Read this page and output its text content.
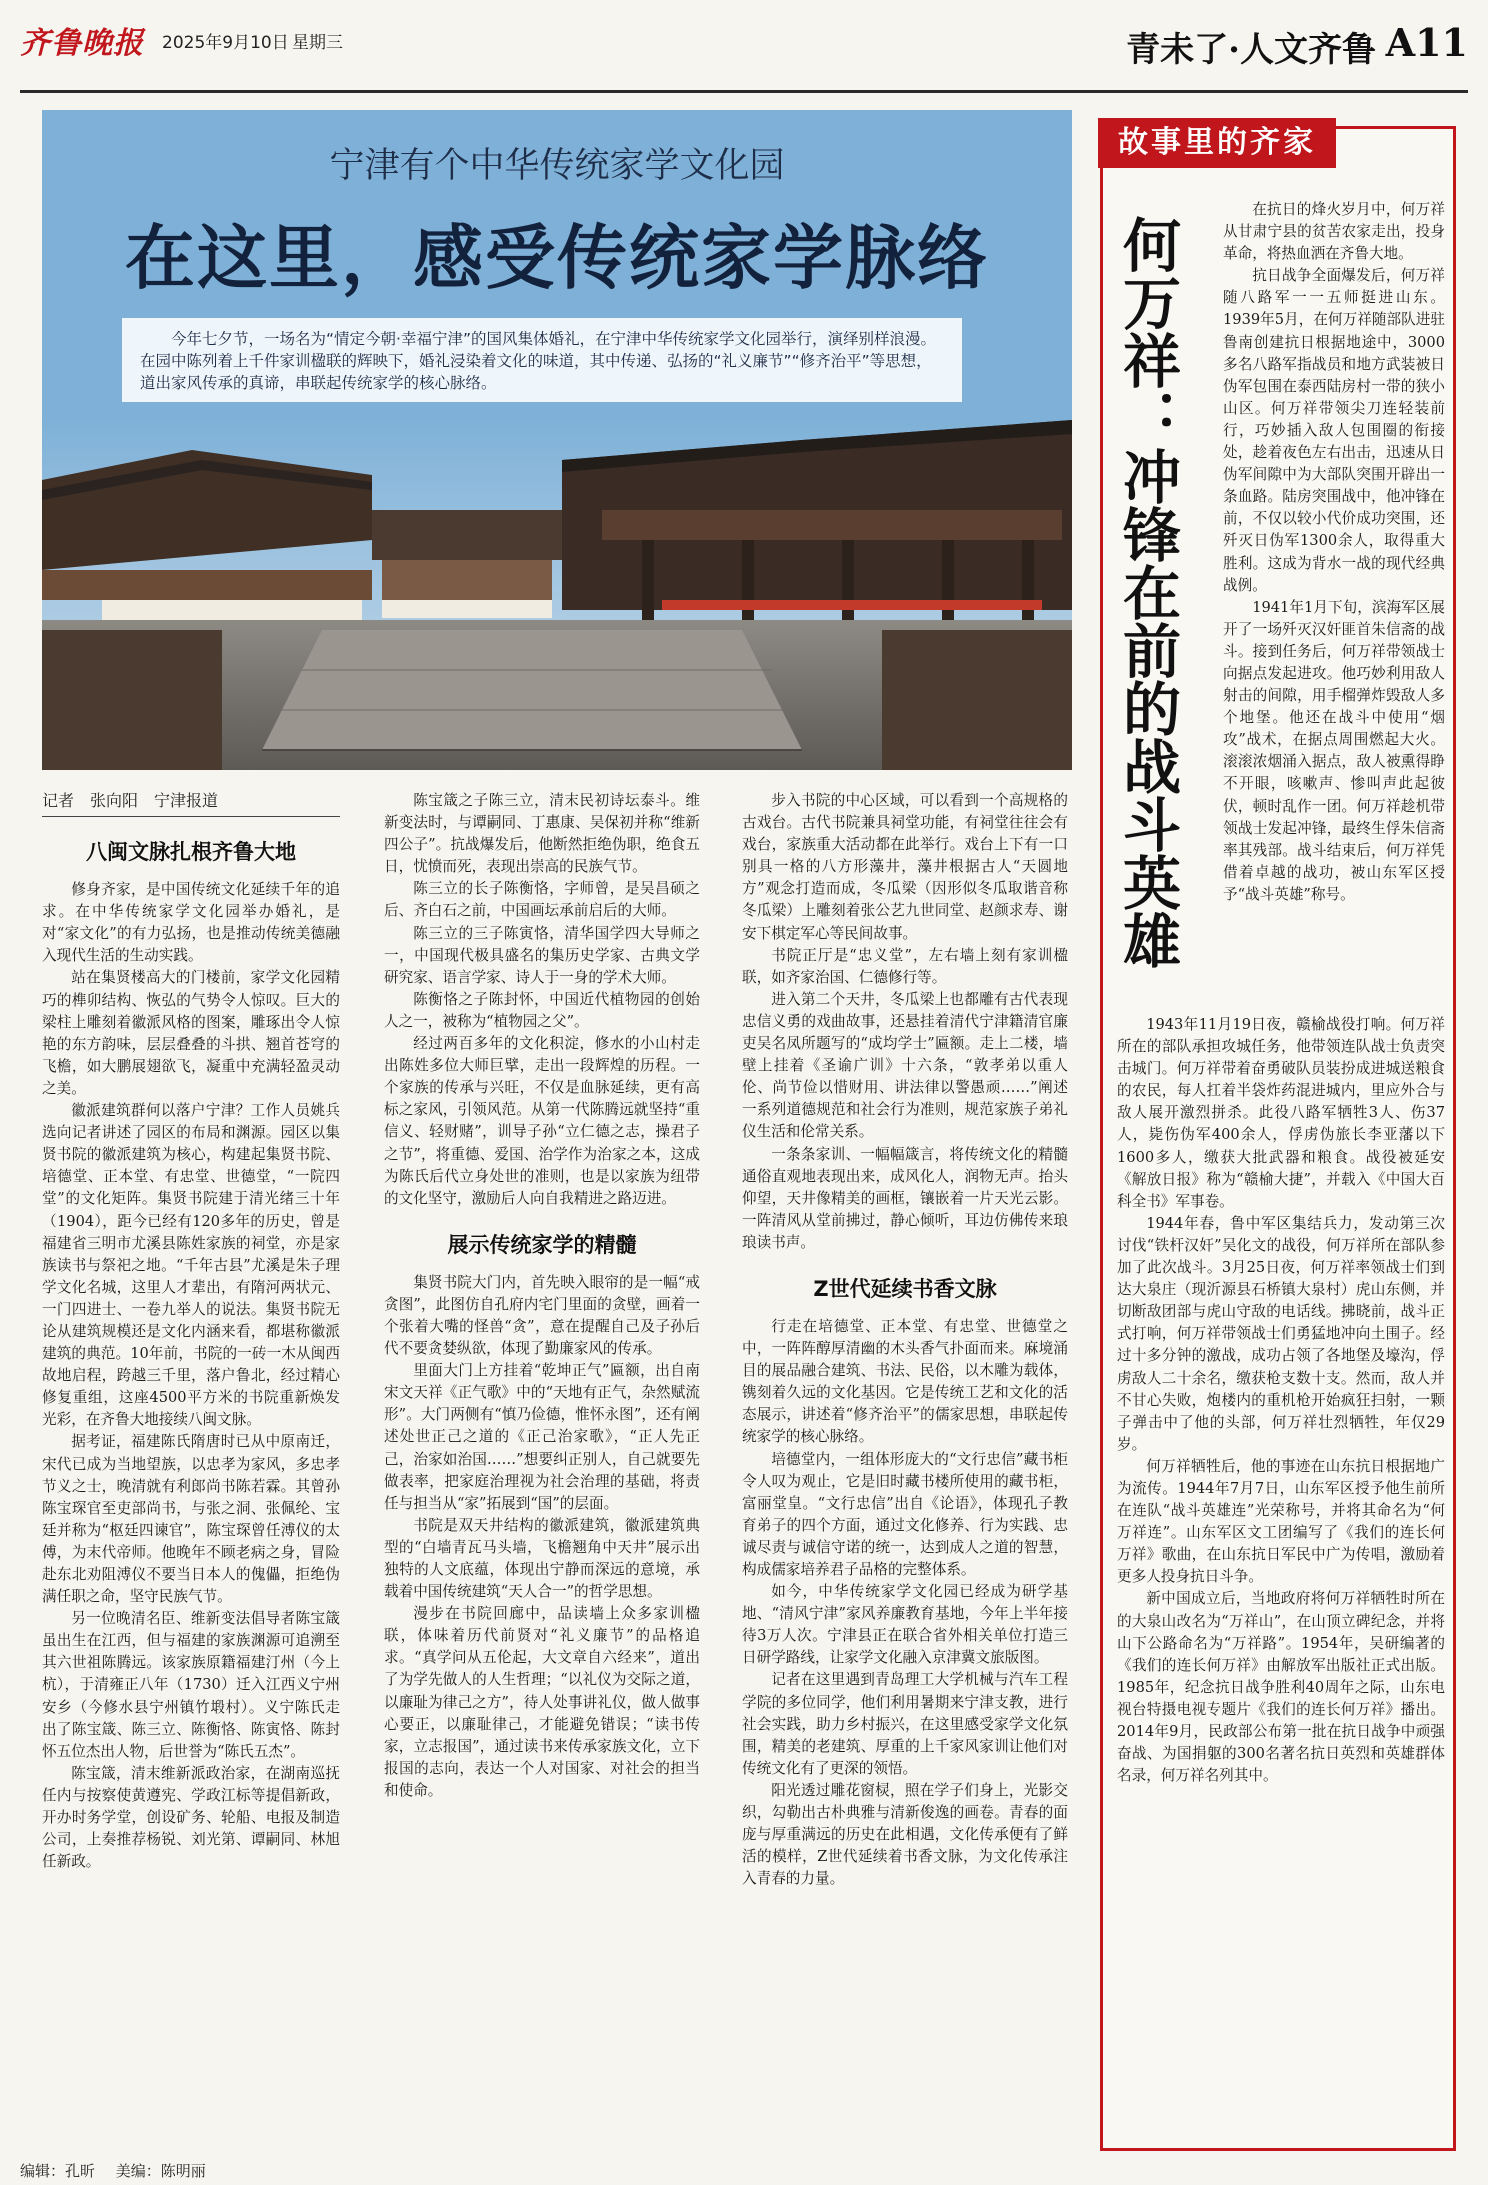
齐鲁晚报 2025年9月10日 星期三	青未了·人文齐鲁 A11
宁津有个中华传统家学文化园
在这里，感受传统家学脉络

今年七夕节，一场名为“情定今朝·幸福宁津”的国风集体婚礼，在宁津中华传统家学文化园举行，演绎别样浪漫。在园中陈列着上千件家训楹联的辉映下，婚礼浸染着文化的味道，其中传递、弘扬的“礼义廉节”“修齐治平”等思想，道出家风传承的真谛，串联起传统家学的核心脉络。

记者　张向阳　宁津报道

八闽文脉扎根齐鲁大地

修身齐家，是中国传统文化延续千年的追求。在中华传统家学文化园举办婚礼，是对“家文化”的有力弘扬，也是推动传统美德融入现代生活的生动实践。

站在集贤楼高大的门楼前，家学文化园精巧的榫卯结构、恢弘的气势令人惊叹。巨大的梁柱上雕刻着徽派风格的图案，雕琢出令人惊艳的东方韵味，层层叠叠的斗拱、翘首苍穹的飞檐，如大鹏展翅欲飞，凝重中充满轻盈灵动之美。

徽派建筑群何以落户宁津？工作人员姚兵选向记者讲述了园区的布局和渊源。园区以集贤书院的徽派建筑为核心，构建起集贤书院、培德堂、正本堂、有忠堂、世德堂，“一院四堂”的文化矩阵。集贤书院建于清光绪三十年（1904），距今已经有120多年的历史，曾是福建省三明市尤溪县陈姓家族的祠堂，亦是家族读书与祭祀之地。“千年古县”尤溪是朱子理学文化名城，这里人才辈出，有隋河两状元、一门四进士、一卷九举人的说法。集贤书院无论从建筑规模还是文化内涵来看，都堪称徽派建筑的典范。10年前，书院的一砖一木从闽西故地启程，跨越三千里，落户鲁北，经过精心修复重组，这座4500平方米的书院重新焕发光彩，在齐鲁大地接续八闽文脉。

据考证，福建陈氏隋唐时已从中原南迁，宋代已成为当地望族，以忠孝为家风，多忠孝节义之士，晚清就有利郎尚书陈若霖。其曾孙陈宝琛官至吏部尚书，与张之洞、张佩纶、宝廷并称为“枢廷四谏官”，陈宝琛曾任溥仪的太傅，为末代帝师。他晚年不顾老病之身，冒险赴东北劝阻溥仪不要当日本人的傀儡，拒绝伪满任职之命，坚守民族气节。

另一位晚清名臣、维新变法倡导者陈宝箴虽出生在江西，但与福建的家族渊源可追溯至其六世祖陈腾远。该家族原籍福建汀州（今上杭），于清雍正八年（1730）迁入江西义宁州安乡（今修水县宁州镇竹塅村）。义宁陈氏走出了陈宝箴、陈三立、陈衡恪、陈寅恪、陈封怀五位杰出人物，后世誉为“陈氏五杰”。

陈宝箴，清末维新派政治家，在湖南巡抚任内与按察使黄遵宪、学政江标等提倡新政，开办时务学堂，创设矿务、轮船、电报及制造公司，上奏推荐杨锐、刘光第、谭嗣同、林旭任新政。

陈宝箴之子陈三立，清末民初诗坛泰斗。维新变法时，与谭嗣同、丁惠康、吴保初并称“维新四公子”。抗战爆发后，他断然拒绝伪职，绝食五日，忧愤而死，表现出崇高的民族气节。

陈三立的长子陈衡恪，字师曾，是吴昌硕之后、齐白石之前，中国画坛承前启后的大师。

陈三立的三子陈寅恪，清华国学四大导师之一，中国现代极具盛名的集历史学家、古典文学研究家、语言学家、诗人于一身的学术大师。

陈衡恪之子陈封怀，中国近代植物园的创始人之一，被称为“植物园之父”。

经过两百多年的文化积淀，修水的小山村走出陈姓多位大师巨擘，走出一段辉煌的历程。一个家族的传承与兴旺，不仅是血脉延续，更有高标之家风，引领风范。从第一代陈腾远就坚持“重信义、轻财赌”，训导子孙“立仁德之志，操君子之节”，将重德、爱国、治学作为治家之本，这成为陈氏后代立身处世的准则，也是以家族为纽带的文化坚守，激励后人向自我精进之路迈进。

展示传统家学的精髓

集贤书院大门内，首先映入眼帘的是一幅“戒贪图”，此图仿自孔府内宅门里面的贪壁，画着一个张着大嘴的怪兽“贪”，意在提醒自己及子孙后代不要贪婪纵欲，体现了勤廉家风的传承。

里面大门上方挂着“乾坤正气”匾额，出自南宋文天祥《正气歌》中的“天地有正气，杂然赋流形”。大门两侧有“慎乃俭德，惟怀永图”，还有阐述处世正己之道的《正己治家歌》，“正人先正己，治家如治国……”想要纠正别人，自己就要先做表率，把家庭治理视为社会治理的基础，将责任与担当从“家”拓展到“国”的层面。

书院是双天井结构的徽派建筑，徽派建筑典型的“白墙青瓦马头墙，飞檐翘角中天井”展示出独特的人文底蕴，体现出宁静而深远的意境，承载着中国传统建筑“天人合一”的哲学思想。

漫步在书院回廊中，品读墙上众多家训楹联，体味着历代前贤对“礼义廉节”的品格追求。“真学问从五伦起，大文章自六经来”，道出了为学先做人的人生哲理；“以礼仪为交际之道，以廉耻为律己之方”，待人处事讲礼仪，做人做事心要正，以廉耻律己，才能避免错误；“读书传家，立志报国”，通过读书来传承家族文化，立下报国的志向，表达一个人对国家、对社会的担当和使命。

步入书院的中心区域，可以看到一个高规格的古戏台。古代书院兼具祠堂功能，有祠堂往往会有戏台，家族重大活动都在此举行。戏台上下有一口别具一格的八方形藻井，藻井根据古人“天圆地方”观念打造而成，冬瓜梁（因形似冬瓜取谐音称冬瓜梁）上雕刻着张公艺九世同堂、赵颜求寿、谢安下棋定军心等民间故事。

书院正厅是“忠义堂”，左右墙上刻有家训楹联，如齐家治国、仁德修行等。

进入第二个天井，冬瓜梁上也都雕有古代表现忠信义勇的戏曲故事，还悬挂着清代宁津籍清官廉吏吴名凤所题写的“成均学士”匾额。走上二楼，墙壁上挂着《圣谕广训》十六条，“敦孝弟以重人伦、尚节俭以惜财用、讲法律以警愚顽……”阐述一系列道德规范和社会行为准则，规范家族子弟礼仪生活和伦常关系。

一条条家训、一幅幅箴言，将传统文化的精髓通俗直观地表现出来，成风化人，润物无声。抬头仰望，天井像精美的画框，镶嵌着一片天光云影。一阵清风从堂前拂过，静心倾听，耳边仿佛传来琅琅读书声。

Z世代延续书香文脉

行走在培德堂、正本堂、有忠堂、世德堂之中，一阵阵醇厚清幽的木头香气扑面而来。麻境涌目的展品融合建筑、书法、民俗，以木雕为载体，镌刻着久远的文化基因。它是传统工艺和文化的活态展示，讲述着“修齐治平”的儒家思想，串联起传统家学的核心脉络。

培德堂内，一组体形庞大的“文行忠信”藏书柜令人叹为观止，它是旧时藏书楼所使用的藏书柜，富丽堂皇。“文行忠信”出自《论语》，体现孔子教育弟子的四个方面，通过文化修养、行为实践、忠诚尽责与诚信守诺的统一，达到成人之道的智慧，构成儒家培养君子品格的完整体系。

如今，中华传统家学文化园已经成为研学基地、“清风宁津”家风养廉教育基地，今年上半年接待3万人次。宁津县正在联合省外相关单位打造三日研学路线，让家学文化融入京津冀文旅版图。

记者在这里遇到青岛理工大学机械与汽车工程学院的多位同学，他们利用暑期来宁津支教，进行社会实践，助力乡村振兴，在这里感受家学文化氛围，精美的老建筑、厚重的上千家风家训让他们对传统文化有了更深的领悟。

阳光透过雕花窗棂，照在学子们身上，光影交织，勾勒出古朴典雅与清新俊逸的画卷。青春的面庞与厚重满远的历史在此相遇，文化传承便有了鲜活的模样，Z世代延续着书香文脉，为文化传承注入青春的力量。

何万祥：冲锋在前的战斗英雄

在抗日的烽火岁月中，何万祥从甘肃宁县的贫苦农家走出，投身革命，将热血洒在齐鲁大地。

抗日战争全面爆发后，何万祥随八路军一一五师挺进山东。1939年5月，在何万祥随部队进驻鲁南创建抗日根据地途中，3000多名八路军指战员和地方武装被日伪军包围在泰西陆房村一带的狭小山区。何万祥带领尖刀连轻装前行，巧妙插入敌人包围圈的衔接处，趁着夜色左右出击，迅速从日伪军间隙中为大部队突围开辟出一条血路。陆房突围战中，他冲锋在前，不仅以较小代价成功突围，还歼灭日伪军1300余人，取得重大胜利。这成为背水一战的现代经典战例。

1941年1月下旬，滨海军区展开了一场歼灭汉奸匪首朱信斋的战斗。接到任务后，何万祥带领战士向据点发起进攻。他巧妙利用敌人射击的间隙，用手榴弹炸毁敌人多个地堡。他还在战斗中使用“烟攻”战术，在据点周围燃起大火。滚滚浓烟涌入据点，敌人被熏得睁不开眼，咳嗽声、惨叫声此起彼伏，顿时乱作一团。何万祥趁机带领战士发起冲锋，最终生俘朱信斋率其残部。战斗结束后，何万祥凭借着卓越的战功，被山东军区授予“战斗英雄”称号。

1943年11月19日夜，赣榆战役打响。何万祥所在的部队承担攻城任务，他带领连队战士负责突击城门。何万祥带着奋勇破队员装扮成进城送粮食的农民，每人扛着半袋炸药混进城内，里应外合与敌人展开激烈拼杀。此役八路军牺牲3人、伤37人，毙伤伪军400余人，俘虏伪旅长李亚藩以下1600多人，缴获大批武器和粮食。战役被延安《解放日报》称为“赣榆大捷”，并载入《中国大百科全书》军事卷。

1944年春，鲁中军区集结兵力，发动第三次讨伐“铁杆汉奸”吴化文的战役，何万祥所在部队参加了此次战斗。3月25日夜，何万祥率领战士们到达大泉庄（现沂源县石桥镇大泉村）虎山东侧，并切断敌团部与虎山守敌的电话线。拂晓前，战斗正式打响，何万祥带领战士们勇猛地冲向土围子。经过十多分钟的激战，成功占领了各地堡及壕沟，俘虏敌人二十余名，缴获枪支数十支。然而，敌人并不甘心失败，炮楼内的重机枪开始疯狂扫射，一颗子弹击中了他的头部，何万祥壮烈牺牲，年仅29岁。

何万祥牺牲后，他的事迹在山东抗日根据地广为流传。1944年7月7日，山东军区授予他生前所在连队“战斗英雄连”光荣称号，并将其命名为“何万祥连”。山东军区文工团编写了《我们的连长何万祥》歌曲，在山东抗日军民中广为传唱，激励着更多人投身抗日斗争。

新中国成立后，当地政府将何万祥牺牲时所在的大泉山改名为“万祥山”，在山顶立碑纪念，并将山下公路命名为“万祥路”。1954年，吴研编著的《我们的连长何万祥》由解放军出版社正式出版。1985年，纪念抗日战争胜利40周年之际，山东电视台特摄电视专题片《我们的连长何万祥》播出。2014年9月，民政部公布第一批在抗日战争中顽强奋战、为国捐躯的300名著名抗日英烈和英雄群体名录，何万祥名列其中。

故事里的齐家
编辑：孔昕 美编：陈明丽
